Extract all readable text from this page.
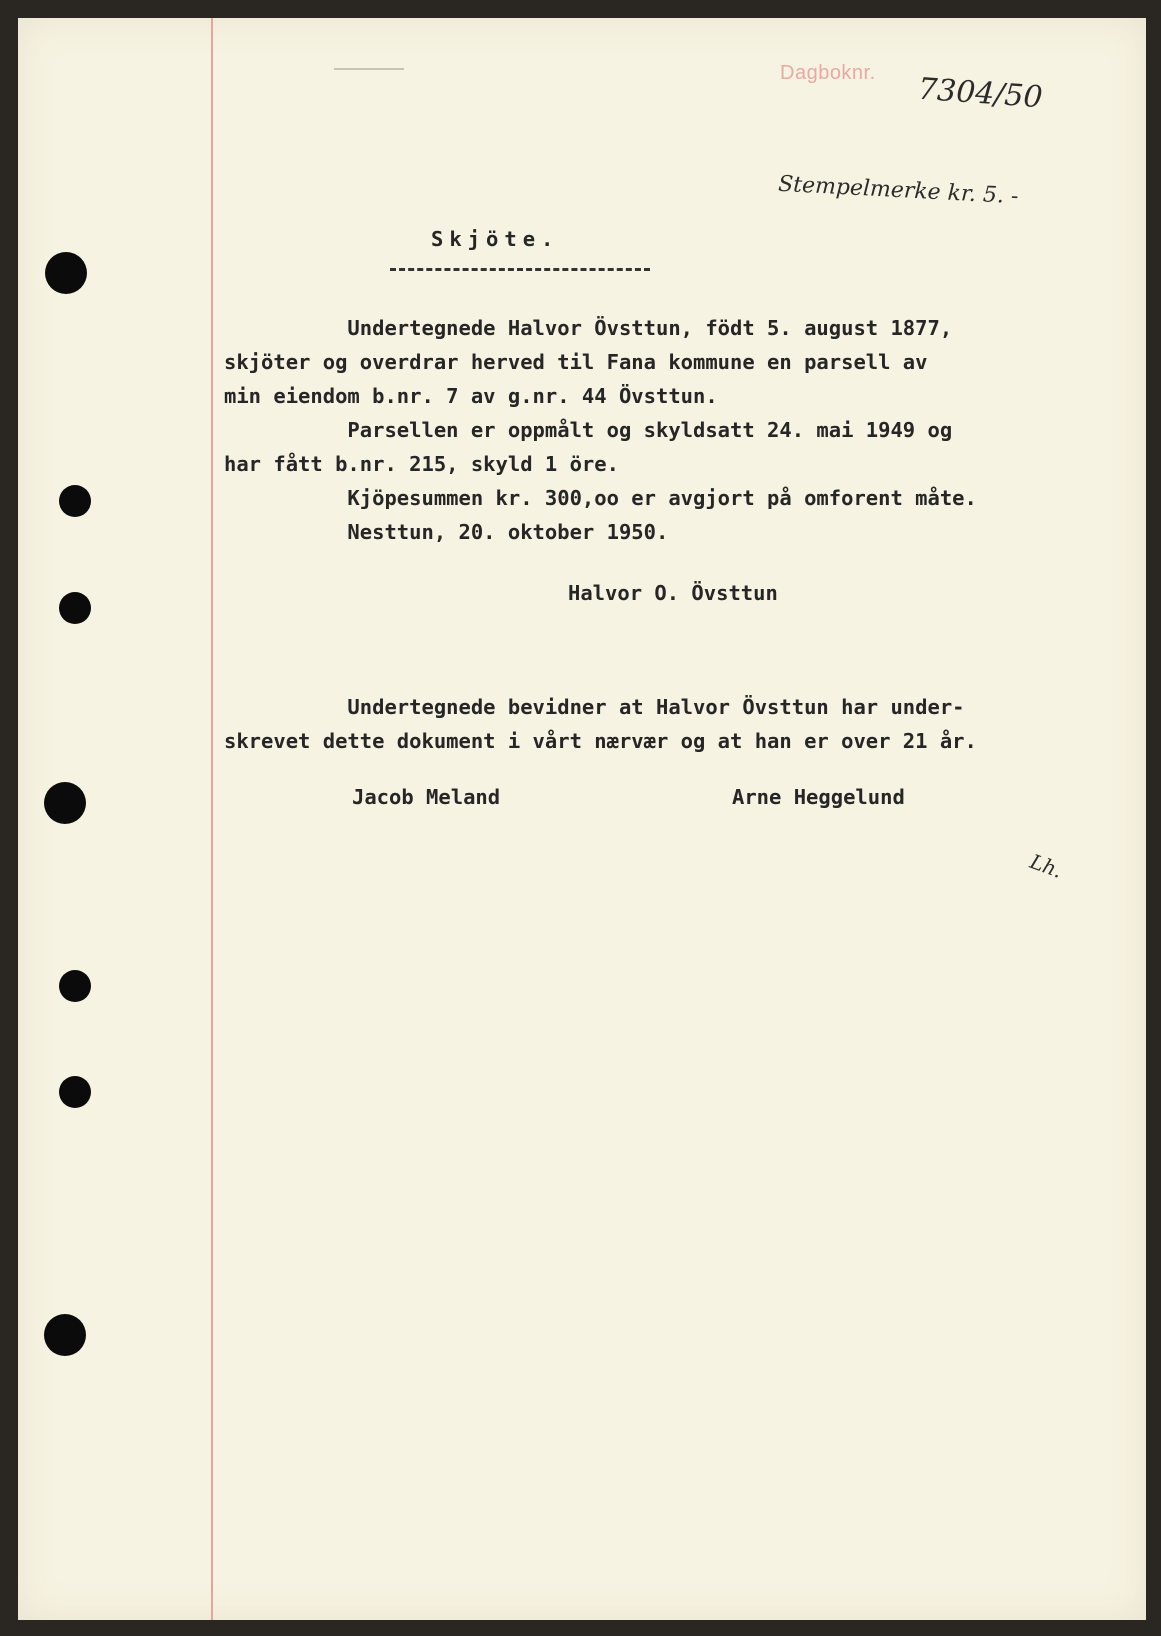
Dagboknr. 7304/50
Stempelmerke kr. 5. -
Skjöte.
Undertegnede Halvor Övsttun, födt 5. august 1877,
skjöter og overdrar herved til Fana kommune en parsell av
min eiendom b.nr. 7 av g.nr. 44 Övsttun.
Parsellen er oppmålt og skyldsatt 24. mai 1949 og
har fått b.nr. 215, skyld 1 öre.
Kjöpesummen kr. 300,oo er avgjort på omforent måte.
Nesttun, 20. oktober 1950.
Halvor O. Övsttun
Undertegnede bevidner at Halvor Övsttun har under-
skrevet dette dokument i vårt nærvær og at han er over 21 år.
Jacob Meland	Arne Heggelund
Lh.
